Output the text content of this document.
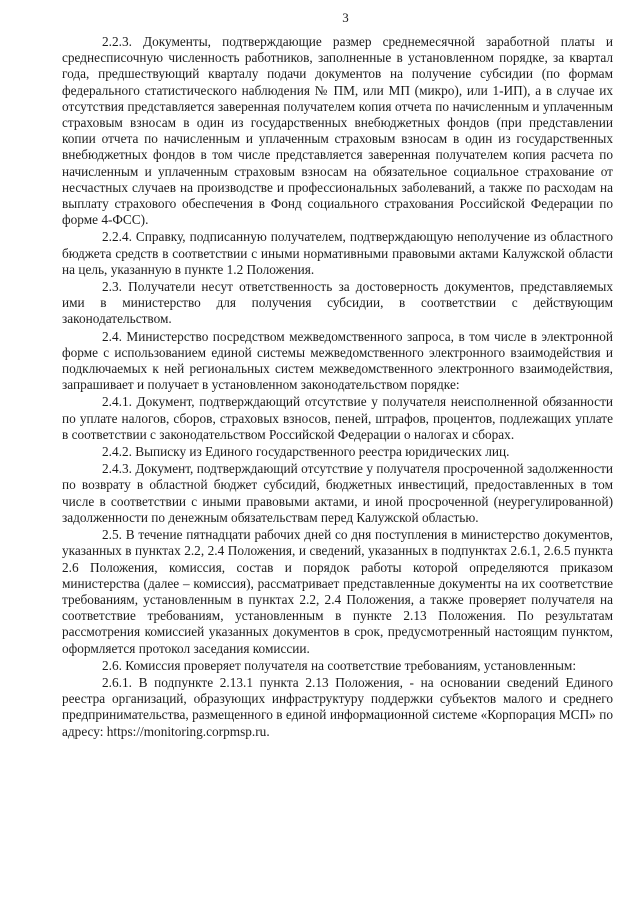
3

2.2.3. Документы, подтверждающие размер среднемесячной заработной платы и среднесписочную численность работников, заполненные в установленном порядке, за квартал года, предшествующий кварталу подачи документов на получение субсидии (по формам федерального статистического наблюдения № ПМ, или МП (микро), или 1-ИП), а в случае их отсутствия представляется заверенная получателем копия отчета по начисленным и уплаченным страховым взносам в один из государственных внебюджетных фондов (при представлении копии отчета по начисленным и уплаченным страховым взносам в один из государственных внебюджетных фондов в том числе представляется заверенная получателем копия расчета по начисленным и уплаченным страховым взносам на обязательное социальное страхование от несчастных случаев на производстве и профессиональных заболеваний, а также по расходам на выплату страхового обеспечения в Фонд социального страхования Российской Федерации по форме 4-ФСС).

2.2.4. Справку, подписанную получателем, подтверждающую неполучение из областного бюджета средств в соответствии с иными нормативными правовыми актами Калужской области на цель, указанную в пункте 1.2 Положения.

2.3. Получатели несут ответственность за достоверность документов, представляемых ими в министерство для получения субсидии, в соответствии с действующим законодательством.

2.4. Министерство посредством межведомственного запроса, в том числе в электронной форме с использованием единой системы межведомственного электронного взаимодействия и подключаемых к ней региональных систем межведомственного электронного взаимодействия, запрашивает и получает в установленном законодательством порядке:

2.4.1. Документ, подтверждающий отсутствие у получателя неисполненной обязанности по уплате налогов, сборов, страховых взносов, пеней, штрафов, процентов, подлежащих уплате в соответствии с законодательством Российской Федерации о налогах и сборах.

2.4.2. Выписку из Единого государственного реестра юридических лиц.

2.4.3. Документ, подтверждающий отсутствие у получателя просроченной задолженности по возврату в областной бюджет субсидий, бюджетных инвестиций, предоставленных в том числе в соответствии с иными правовыми актами, и иной просроченной (неурегулированной) задолженности по денежным обязательствам перед Калужской областью.

2.5. В течение пятнадцати рабочих дней со дня поступления в министерство документов, указанных в пунктах 2.2, 2.4 Положения, и сведений, указанных в подпунктах 2.6.1, 2.6.5 пункта 2.6 Положения, комиссия, состав и порядок работы которой определяются приказом министерства (далее – комиссия), рассматривает представленные документы на их соответствие требованиям, установленным в пунктах 2.2, 2.4 Положения, а также проверяет получателя на соответствие требованиям, установленным в пункте 2.13 Положения. По результатам рассмотрения комиссией указанных документов в срок, предусмотренный настоящим пунктом, оформляется протокол заседания комиссии.

2.6. Комиссия проверяет получателя на соответствие требованиям, установленным:

2.6.1. В подпункте 2.13.1 пункта 2.13 Положения, - на основании сведений Единого реестра организаций, образующих инфраструктуру поддержки субъектов малого и среднего предпринимательства, размещенного в единой информационной системе «Корпорация МСП» по адресу: https://monitoring.corpmsp.ru.
